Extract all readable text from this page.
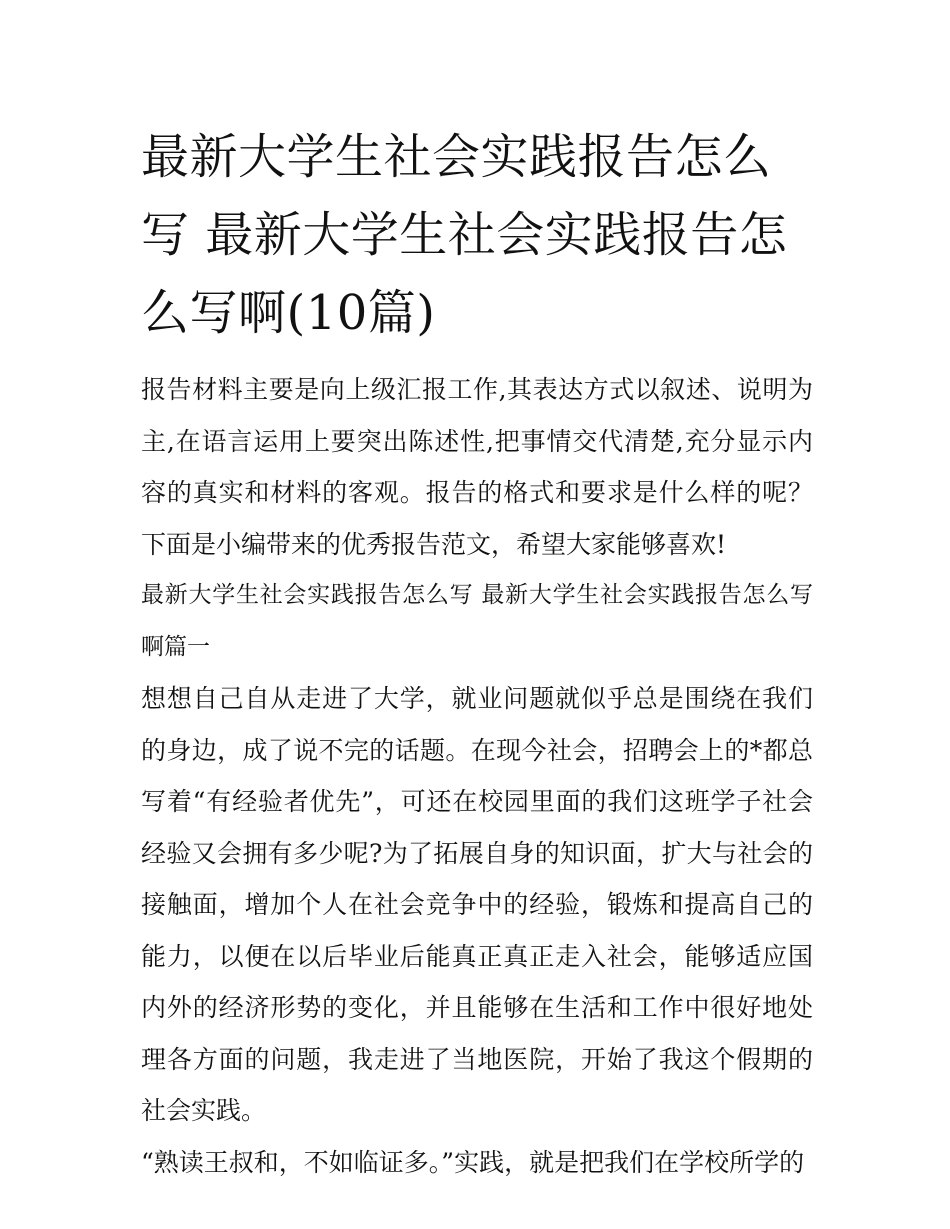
最新大学生社会实践报告怎么写 最新大学生社会实践报告怎么写啊(10篇)

报告材料主要是向上级汇报工作,其表达方式以叙述、说明为主,在语言运用上要突出陈述性,把事情交代清楚,充分显示内容的真实和材料的客观。报告的格式和要求是什么样的呢？下面是小编带来的优秀报告范文，希望大家能够喜欢!

最新大学生社会实践报告怎么写 最新大学生社会实践报告怎么写啊篇一

想想自己自从走进了大学，就业问题就似乎总是围绕在我们的身边，成了说不完的话题。在现今社会，招聘会上的*都总写着“有经验者优先”，可还在校园里面的我们这班学子社会经验又会拥有多少呢?为了拓展自身的知识面，扩大与社会的接触面，增加个人在社会竞争中的经验，锻炼和提高自己的能力，以便在以后毕业后能真正真正走入社会，能够适应国内外的经济形势的变化，并且能够在生活和工作中很好地处理各方面的问题，我走进了当地医院，开始了我这个假期的社会实践。

“熟读王叔和，不如临证多。”实践，就是把我们在学校所学的
